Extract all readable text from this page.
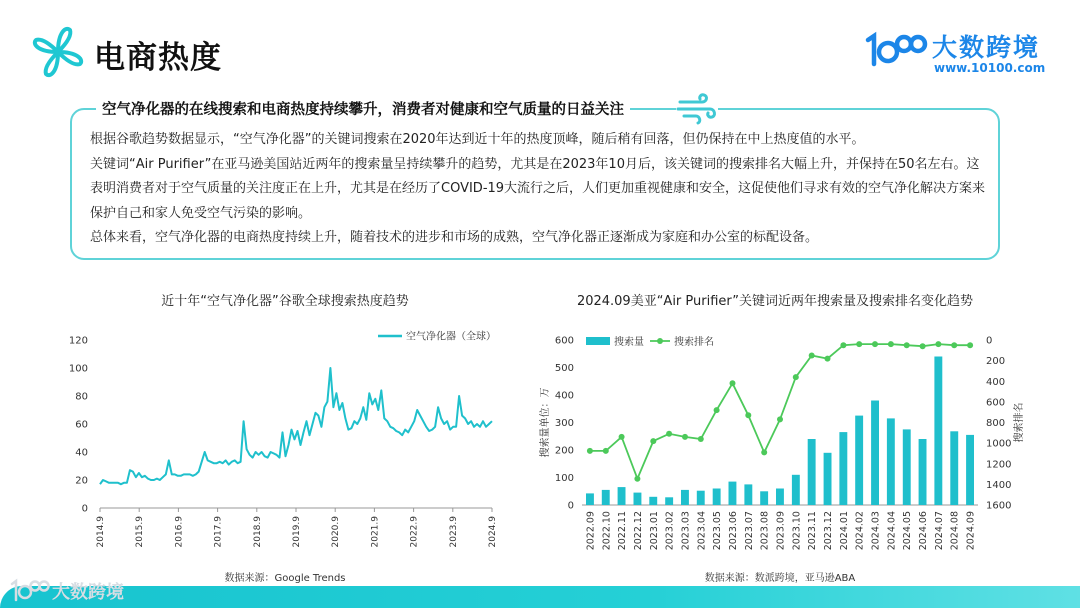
电商热度	大数跨境
www.10100.com
空气净化器的在线搜索和电商热度持续攀升，消费者对健康和空气质量的日益关注

根据谷歌趋势数据显示，“空气净化器”的关键词搜索在2020年达到近十年的热度顶峰，随后稍有回落，但仍保持在中上热度值的水平。

关键词“Air Purifier”在亚马逊美国站近两年的搜索量呈持续攀升的趋势，尤其是在2023年10月后，该关键词的搜索排名大幅上升，并保持在50名左右。这表明消费者对于空气质量的关注度正在上升，尤其是在经历了COVID-19大流行之后，人们更加重视健康和安全，这促使他们寻求有效的空气净化解决方案来保护自己和家人免受空气污染的影响。

总体来看，空气净化器的电商热度持续上升，随着技术的进步和市场的成熟，空气净化器正逐渐成为家庭和办公室的标配设备。

近十年“空气净化器”谷歌全球搜索热度趋势
0
20
40
60
80
100
120
2014.9	2015.9	2016.9	2017.9	2018.9	2019.9	2020.9	2021.9	2022.9	2023.9	2024.9
空气净化器（全球）
数据来源：Google Trends
2024.09美亚“Air Purifier”关键词近两年搜索量及搜索排名变化趋势
0
100
200
300
400
500
600	0
200
400
600
800
1000
1200
1400
1600
搜索量单位：万	搜索排名
2022.09 2022.10 2022.11 2022.12 2023.01 2023.02 2023.03 2023.04 2023.05 2023.06 2023.07 2023.08 2023.09 2023.10 2023.11 2023.12 2024.01 2024.02 2024.03 2024.04 2024.05 2024.06 2024.07 2024.08 2024.09
搜索量	搜索排名
数据来源：数派跨境，亚马逊ABA
大数跨境
